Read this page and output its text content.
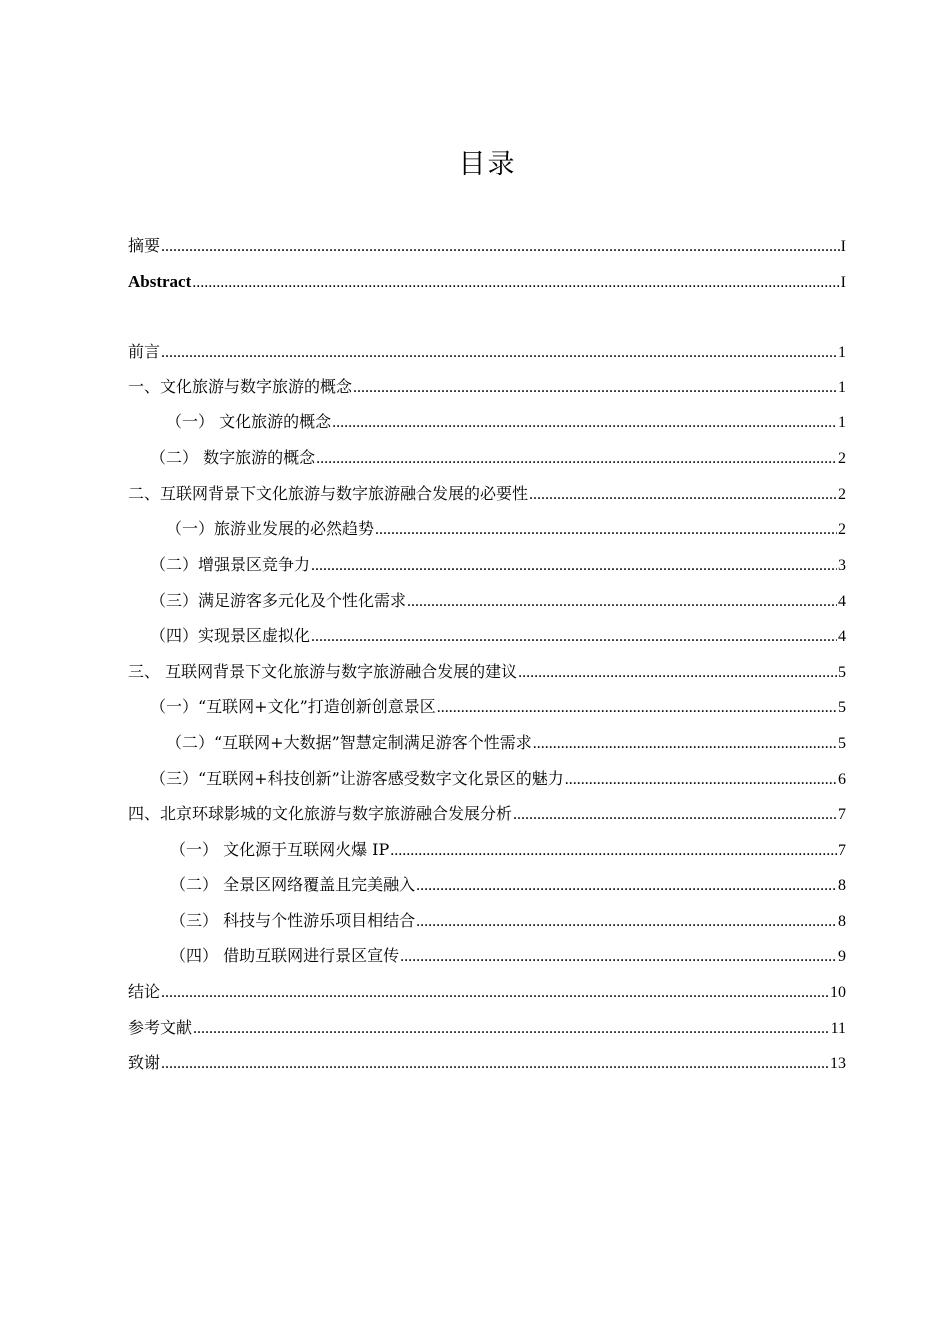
目录
摘要 .....	I
Abstract .....	I
前言 .....	1
一、文化旅游与数字旅游的概念 .....	1
（一） 文化旅游的概念 .....	1
（二） 数字旅游的概念 .....	2
二、互联网背景下文化旅游与数字旅游融合发展的必要性 .....	2
（一）旅游业发展的必然趋势 .....	2
（二）增强景区竞争力 .....	3
（三）满足游客多元化及个性化需求 .....	4
（四）实现景区虚拟化 .....	4
三、 互联网背景下文化旅游与数字旅游融合发展的建议 .....	5
（一）“互联网+文化”打造创新创意景区 .....	5
（二）“互联网+大数据”智慧定制满足游客个性需求 .....	5
（三）“互联网+科技创新”让游客感受数字文化景区的魅力 .....	6
四、北京环球影城的文化旅游与数字旅游融合发展分析 .....	7
（一） 文化源于互联网火爆 IP .....	7
（二） 全景区网络覆盖且完美融入 .....	8
（三） 科技与个性游乐项目相结合 .....	8
（四） 借助互联网进行景区宣传 .....	9
结论 .....	10
参考文献 .....	11
致谢 .....	13
